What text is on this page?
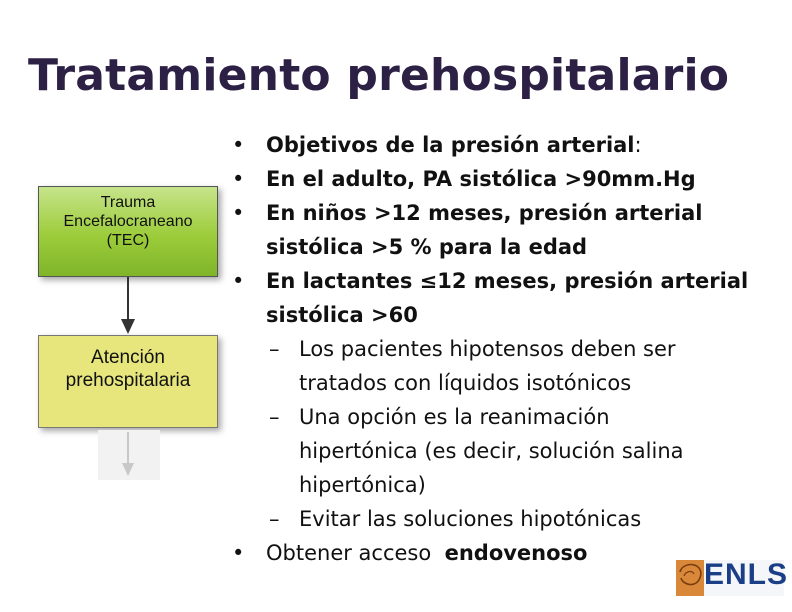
Tratamiento prehospitalario
Trauma
Encefalocraneano
(TEC)
Atención
prehospitalaria
• Objetivos de la presión arterial:
• En el adulto, PA sistólica >90mm.Hg
• En niños >12 meses, presión arterial
sistólica >5 % para la edad
• En lactantes ≤12 meses, presión arterial
sistólica >60
– Los pacientes hipotensos deben ser
tratados con líquidos isotónicos
– Una opción es la reanimación
hipertónica (es decir, solución salina
hipertónica)
– Evitar las soluciones hipotónicas
• Obtener acceso endovenoso
ENLS
